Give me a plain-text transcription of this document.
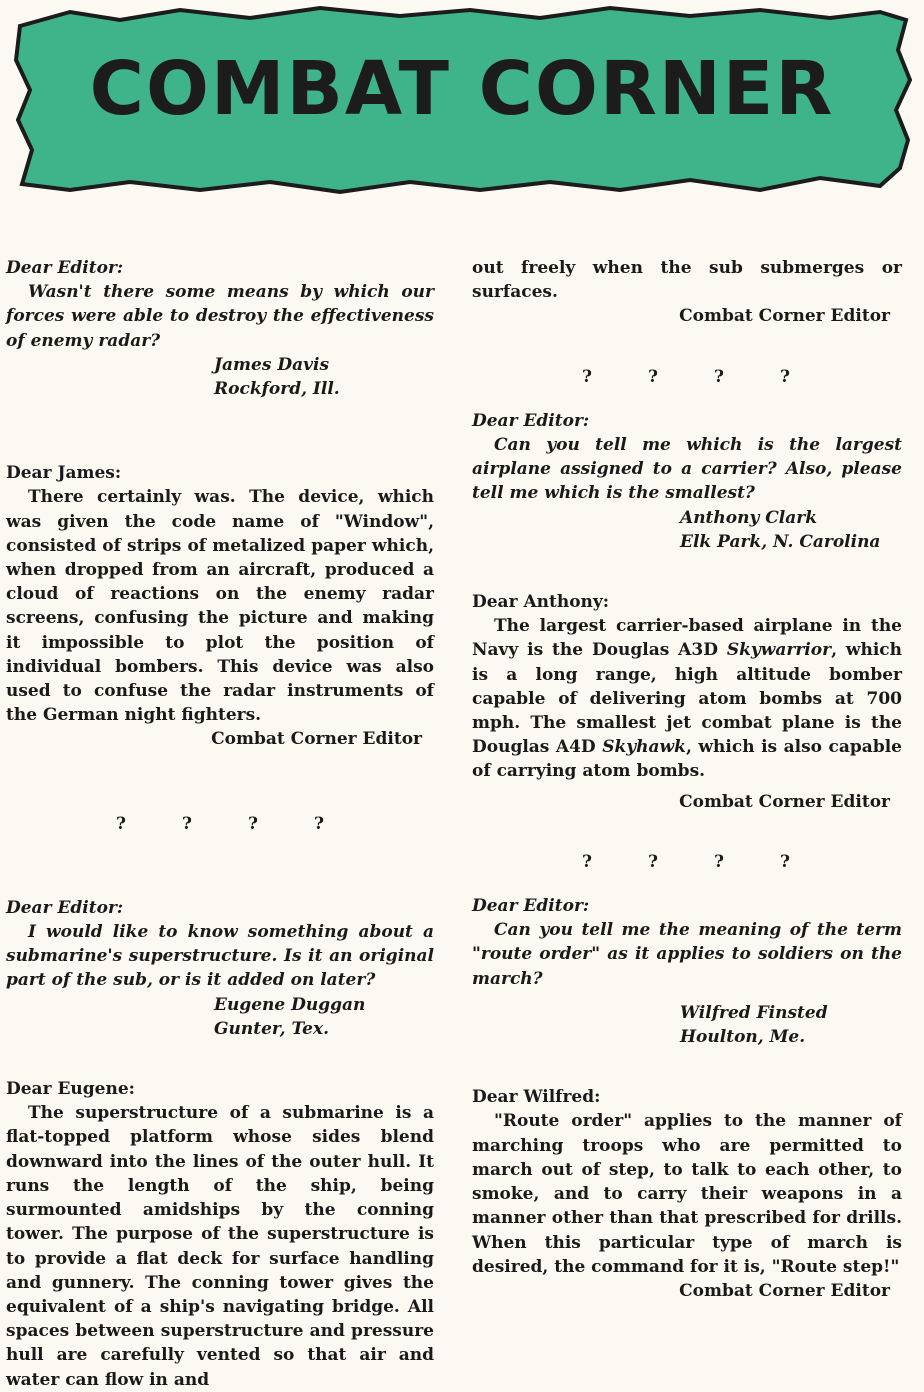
COMBAT CORNER

Dear Editor:

Wasn't there some means by which our forces were able to destroy the effectiveness of enemy radar?

James Davis

Rockford, Ill.

Dear James:

There certainly was. The device, which was given the code name of "Window", consisted of strips of metalized paper which, when dropped from an aircraft, produced a cloud of reactions on the enemy radar screens, confusing the picture and making it impossible to plot the position of individual bombers. This device was also used to confuse the radar instruments of the German night fighters.

Combat Corner Editor

?	?	?	?

Dear Editor:

I would like to know something about a submarine's superstructure. Is it an original part of the sub, or is it added on later?

Eugene Duggan

Gunter, Tex.

Dear Eugene:

The superstructure of a submarine is a flat-topped platform whose sides blend downward into the lines of the outer hull. It runs the length of the ship, being surmounted amidships by the conning tower. The purpose of the superstructure is to provide a flat deck for surface handling and gunnery. The conning tower gives the equivalent of a ship's navigating bridge. All spaces between superstructure and pressure hull are carefully vented so that air and water can flow in and

out freely when the sub submerges or surfaces.

Combat Corner Editor

?	?	?	?

Dear Editor:

Can you tell me which is the largest airplane assigned to a carrier? Also, please tell me which is the smallest?

Anthony Clark

Elk Park, N. Carolina

Dear Anthony:

The largest carrier-based airplane in the Navy is the Douglas A3D Skywarrior, which is a long range, high altitude bomber capable of delivering atom bombs at 700 mph. The smallest jet combat plane is the Douglas A4D Skyhawk, which is also capable of carrying atom bombs.

Combat Corner Editor

?	?	?	?

Dear Editor:

Can you tell me the meaning of the term "route order" as it applies to soldiers on the march?

Wilfred Finsted

Houlton, Me.

Dear Wilfred:

"Route order" applies to the manner of marching troops who are permitted to march out of step, to talk to each other, to smoke, and to carry their weapons in a manner other than that prescribed for drills. When this particular type of march is desired, the command for it is, "Route step!"

Combat Corner Editor
